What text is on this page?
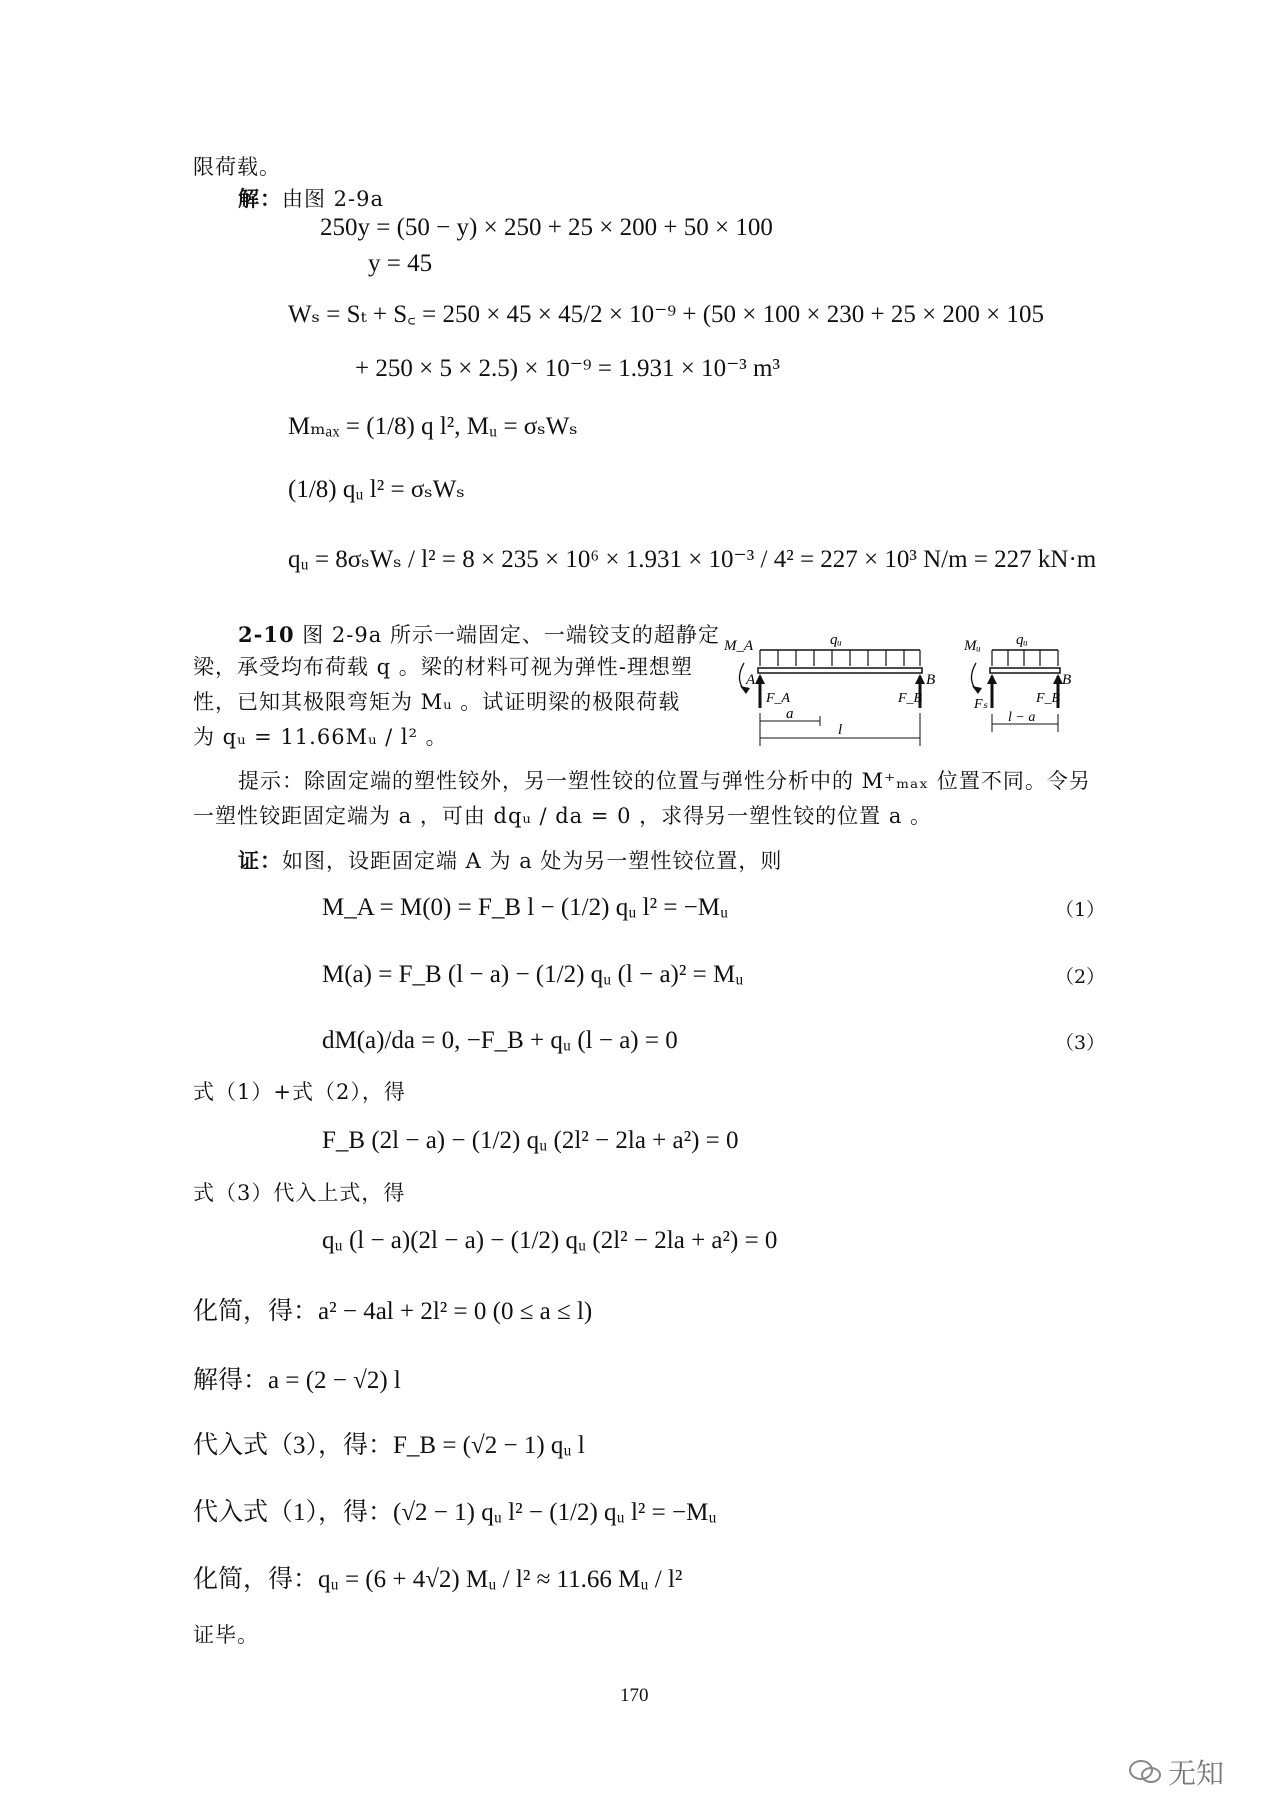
限荷载。
解：由图 2-9a
250y = (50 − y) × 250 + 25 × 200 + 50 × 100
y = 45
Wₛ = Sₜ + S꜀ = 250 × 45 × 45/2 × 10⁻⁹ + (50 × 100 × 230 + 25 × 200 × 105
+ 250 × 5 × 2.5) × 10⁻⁹ = 1.931 × 10⁻³ m³
Mₘₐₓ = (1/8) q l², Mᵤ = σₛWₛ
(1/8) qᵤ l² = σₛWₛ
qᵤ = 8σₛWₛ / l² = 8 × 235 × 10⁶ × 1.931 × 10⁻³ / 4² = 227 × 10³ N/m = 227 kN·m
2-10 图 2-9a 所示一端固定、一端铰支的超静定
梁，承受均布荷载 q 。梁的材料可视为弹性-理想塑
性，已知其极限弯矩为 Mᵤ 。试证明梁的极限荷载
为 qᵤ = 11.66Mᵤ / l² 。
qᵤ
M_A
A	B
F_A	F_B
a
l
qᵤ
Mᵤ
B
Fₛ	F_B
l − a
提示：除固定端的塑性铰外，另一塑性铰的位置与弹性分析中的 M⁺ₘₐₓ 位置不同。令另
一塑性铰距固定端为 a ，可由 dqᵤ / da = 0 ，求得另一塑性铰的位置 a 。
证：如图，设距固定端 A 为 a 处为另一塑性铰位置，则
M_A = M(0) = F_B l − (1/2) qᵤ l² = −Mᵤ	（1）
M(a) = F_B (l − a) − (1/2) qᵤ (l − a)² = Mᵤ	（2）
dM(a)/da = 0, −F_B + qᵤ (l − a) = 0	（3）
式（1）+式（2），得
F_B (2l − a) − (1/2) qᵤ (2l² − 2la + a²) = 0
式（3）代入上式，得
qᵤ (l − a)(2l − a) − (1/2) qᵤ (2l² − 2la + a²) = 0
化简，得：a² − 4al + 2l² = 0 (0 ≤ a ≤ l)
解得：a = (2 − √2) l
代入式（3），得：F_B = (√2 − 1) qᵤ l
代入式（1），得：(√2 − 1) qᵤ l² − (1/2) qᵤ l² = −Mᵤ
化简，得：qᵤ = (6 + 4√2) Mᵤ / l² ≈ 11.66 Mᵤ / l²
证毕。
170
无知
